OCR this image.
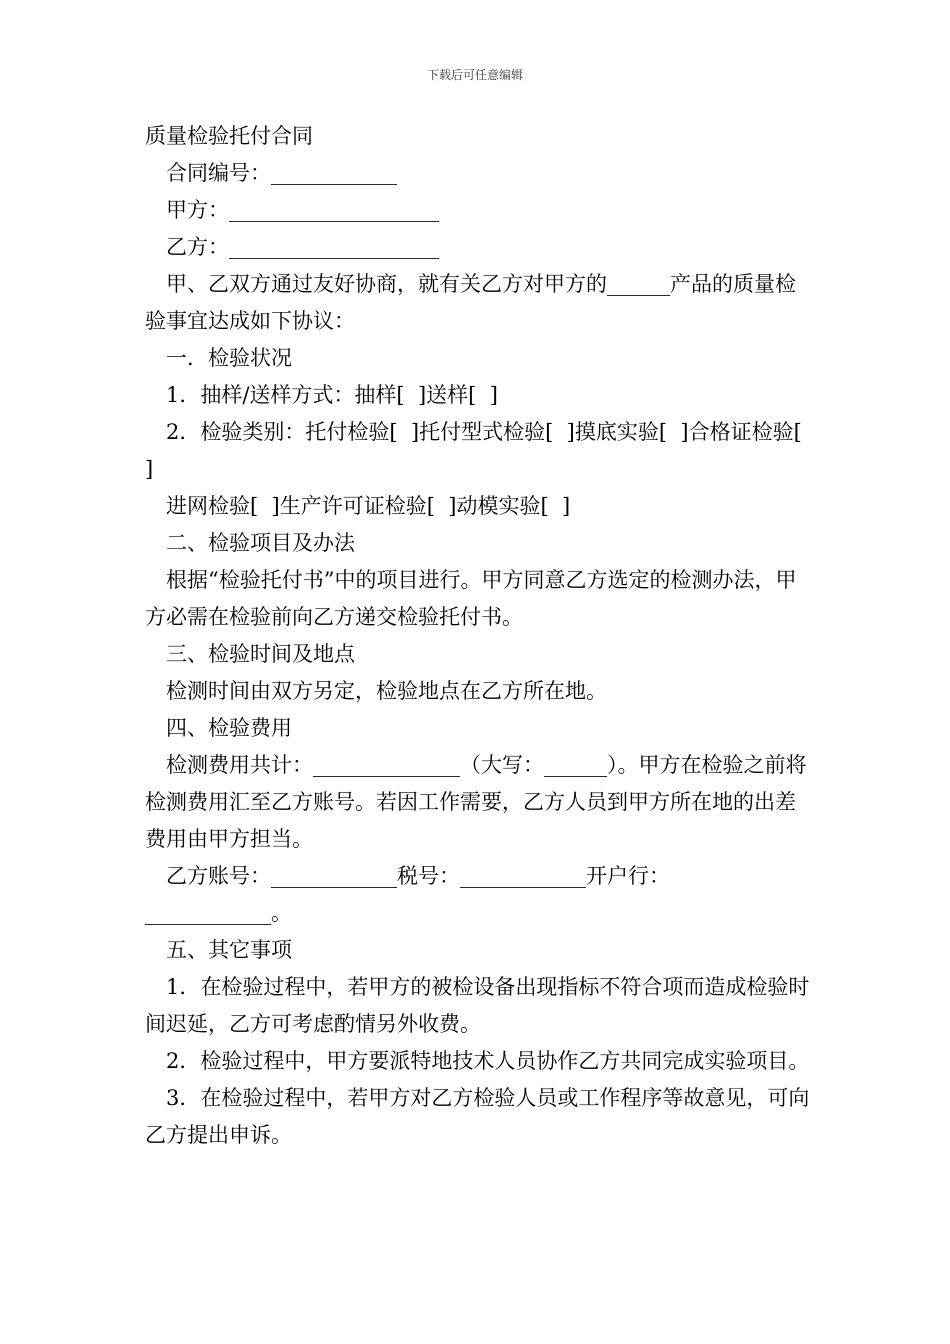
下载后可任意编辑

质量检验托付合同

合同编号：____________

甲方：____________________

乙方：____________________

甲、乙双方通过友好协商，就有关乙方对甲方的______产品的质量检验事宜达成如下协议：

一．检验状况

1．抽样/送样方式：抽样[  ]送样[  ]

2．检验类别：托付检验[  ]托付型式检验[  ]摸底实验[  ]合格证检验[  ]

进网检验[  ]生产许可证检验[  ]动模实验[  ]

二、检验项目及办法

根据“检验托付书”中的项目进行。甲方同意乙方选定的检测办法，甲方必需在检验前向乙方递交检验托付书。

三、检验时间及地点

检测时间由双方另定，检验地点在乙方所在地。

四、检验费用

检测费用共计：______________（大写：______）。甲方在检验之前将检测费用汇至乙方账号。若因工作需要，乙方人员到甲方所在地的出差费用由甲方担当。

乙方账号：____________税号：____________开户行：____________。

五、其它事项

1．在检验过程中，若甲方的被检设备出现指标不符合项而造成检验时间迟延，乙方可考虑酌情另外收费。

2．检验过程中，甲方要派特地技术人员协作乙方共同完成实验项目。

3．在检验过程中，若甲方对乙方检验人员或工作程序等故意见，可向乙方提出申诉。
